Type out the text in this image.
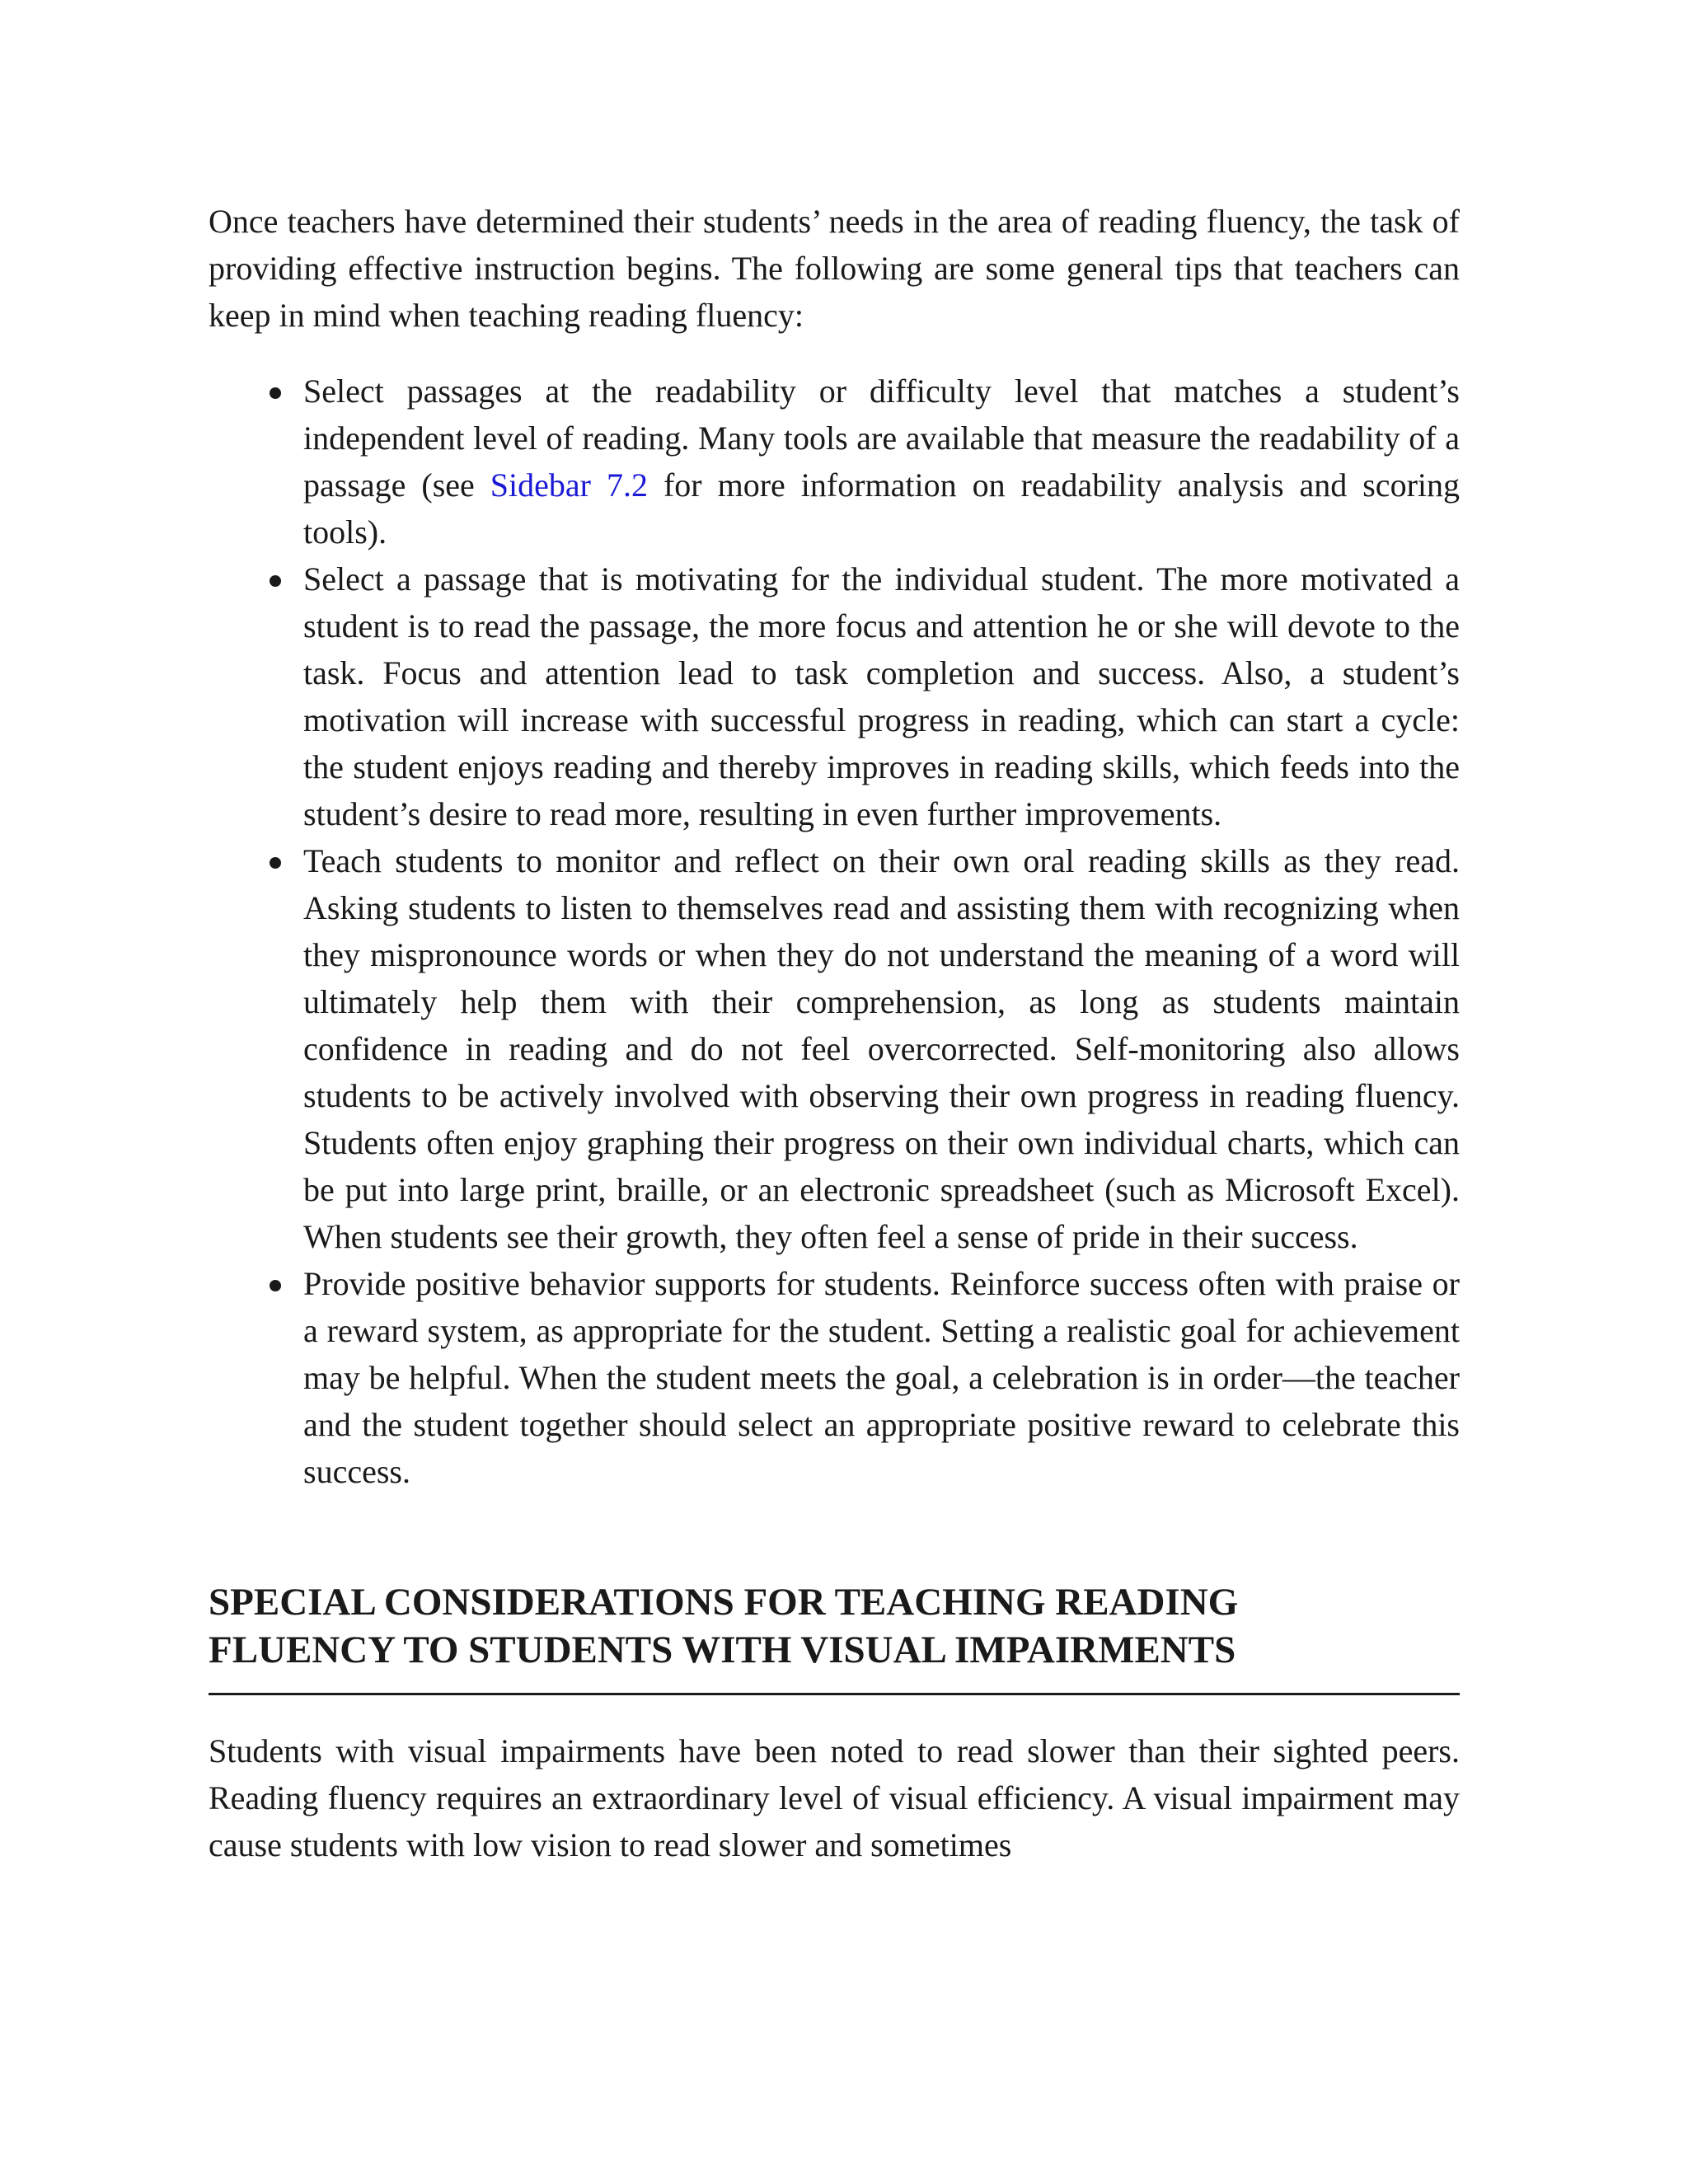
Once teachers have determined their students’ needs in the area of reading fluency, the task of providing effective instruction begins. The following are some general tips that teachers can keep in mind when teaching reading fluency:

Select passages at the readability or difficulty level that matches a student’s independent level of reading. Many tools are available that measure the readability of a passage (see Sidebar 7.2 for more information on readability analysis and scoring tools).
Select a passage that is motivating for the individual student. The more motivated a student is to read the passage, the more focus and attention he or she will devote to the task. Focus and attention lead to task completion and success. Also, a student’s motivation will increase with successful progress in reading, which can start a cycle: the student enjoys reading and thereby improves in reading skills, which feeds into the student’s desire to read more, resulting in even further improvements.
Teach students to monitor and reflect on their own oral reading skills as they read. Asking students to listen to themselves read and assisting them with recognizing when they mispronounce words or when they do not understand the meaning of a word will ultimately help them with their comprehension, as long as students maintain confidence in reading and do not feel overcorrected. Self-monitoring also allows students to be actively involved with observing their own progress in reading fluency. Students often enjoy graphing their progress on their own individual charts, which can be put into large print, braille, or an electronic spreadsheet (such as Microsoft Excel). When students see their growth, they often feel a sense of pride in their success.
Provide positive behavior supports for students. Reinforce success often with praise or a reward system, as appropriate for the student. Setting a realistic goal for achievement may be helpful. When the student meets the goal, a celebration is in order—the teacher and the student together should select an appropriate positive reward to celebrate this success.
SPECIAL CONSIDERATIONS FOR TEACHING READING
FLUENCY TO STUDENTS WITH VISUAL IMPAIRMENTS

Students with visual impairments have been noted to read slower than their sighted peers. Reading fluency requires an extraordinary level of visual efficiency. A visual impairment may cause students with low vision to read slower and sometimes
